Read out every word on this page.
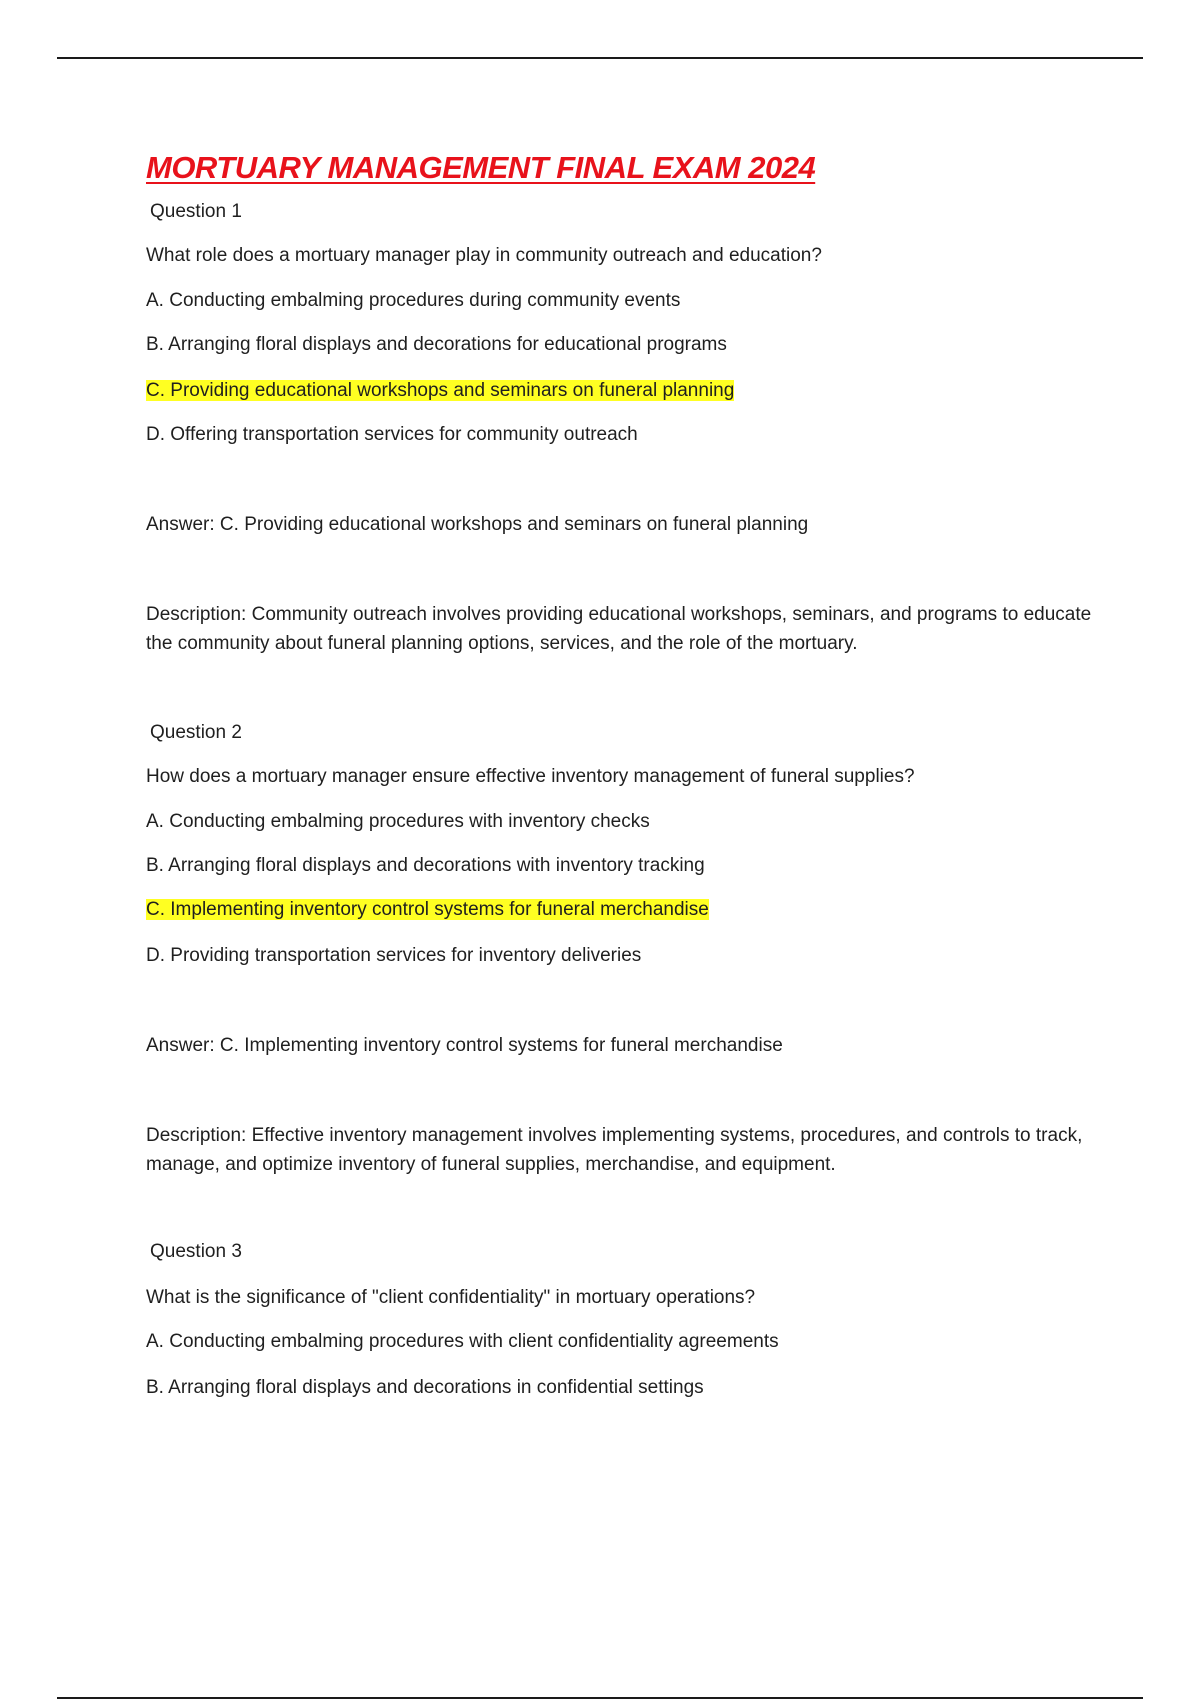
MORTUARY MANAGEMENT FINAL EXAM 2024

Question 1

What role does a mortuary manager play in community outreach and education?

A. Conducting embalming procedures during community events

B. Arranging floral displays and decorations for educational programs

C. Providing educational workshops and seminars on funeral planning

D. Offering transportation services for community outreach

Answer: C. Providing educational workshops and seminars on funeral planning

Description: Community outreach involves providing educational workshops, seminars, and programs to educate the community about funeral planning options, services, and the role of the mortuary.

Question 2

How does a mortuary manager ensure effective inventory management of funeral supplies?

A. Conducting embalming procedures with inventory checks

B. Arranging floral displays and decorations with inventory tracking

C. Implementing inventory control systems for funeral merchandise

D. Providing transportation services for inventory deliveries

Answer: C. Implementing inventory control systems for funeral merchandise

Description: Effective inventory management involves implementing systems, procedures, and controls to track, manage, and optimize inventory of funeral supplies, merchandise, and equipment.

Question 3

What is the significance of "client confidentiality" in mortuary operations?

A. Conducting embalming procedures with client confidentiality agreements

B. Arranging floral displays and decorations in confidential settings
